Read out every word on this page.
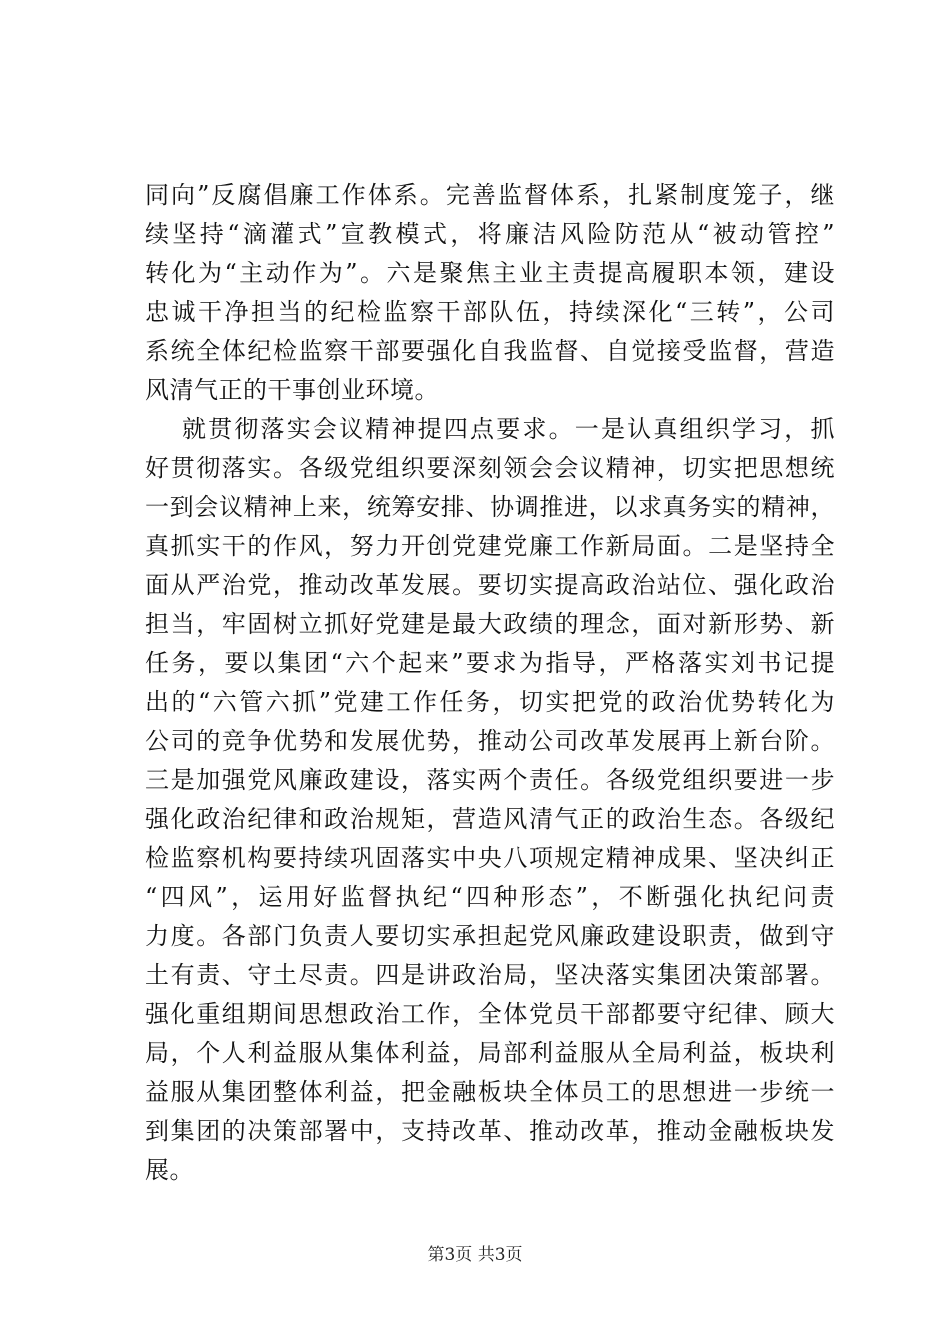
同向”反腐倡廉工作体系。完善监督体系，扎紧制度笼子，继
续坚持“滴灌式”宣教模式，将廉洁风险防范从“被动管控”
转化为“主动作为”。六是聚焦主业主责提高履职本领，建设
忠诚干净担当的纪检监察干部队伍，持续深化“三转”，公司
系统全体纪检监察干部要强化自我监督、自觉接受监督，营造
风清气正的干事创业环境。
就贯彻落实会议精神提四点要求。一是认真组织学习，抓
好贯彻落实。各级党组织要深刻领会会议精神，切实把思想统
一到会议精神上来，统筹安排、协调推进，以求真务实的精神，
真抓实干的作风，努力开创党建党廉工作新局面。二是坚持全
面从严治党，推动改革发展。要切实提高政治站位、强化政治
担当，牢固树立抓好党建是最大政绩的理念，面对新形势、新
任务，要以集团“六个起来”要求为指导，严格落实刘书记提
出的“六管六抓”党建工作任务，切实把党的政治优势转化为
公司的竞争优势和发展优势，推动公司改革发展再上新台阶。
三是加强党风廉政建设，落实两个责任。各级党组织要进一步
强化政治纪律和政治规矩，营造风清气正的政治生态。各级纪
检监察机构要持续巩固落实中央八项规定精神成果、坚决纠正
“四风”，运用好监督执纪“四种形态”，不断强化执纪问责
力度。各部门负责人要切实承担起党风廉政建设职责，做到守
土有责、守土尽责。四是讲政治局，坚决落实集团决策部署。
强化重组期间思想政治工作，全体党员干部都要守纪律、顾大
局，个人利益服从集体利益，局部利益服从全局利益，板块利
益服从集团整体利益，把金融板块全体员工的思想进一步统一
到集团的决策部署中，支持改革、推动改革，推动金融板块发
展。
第3页 共3页
